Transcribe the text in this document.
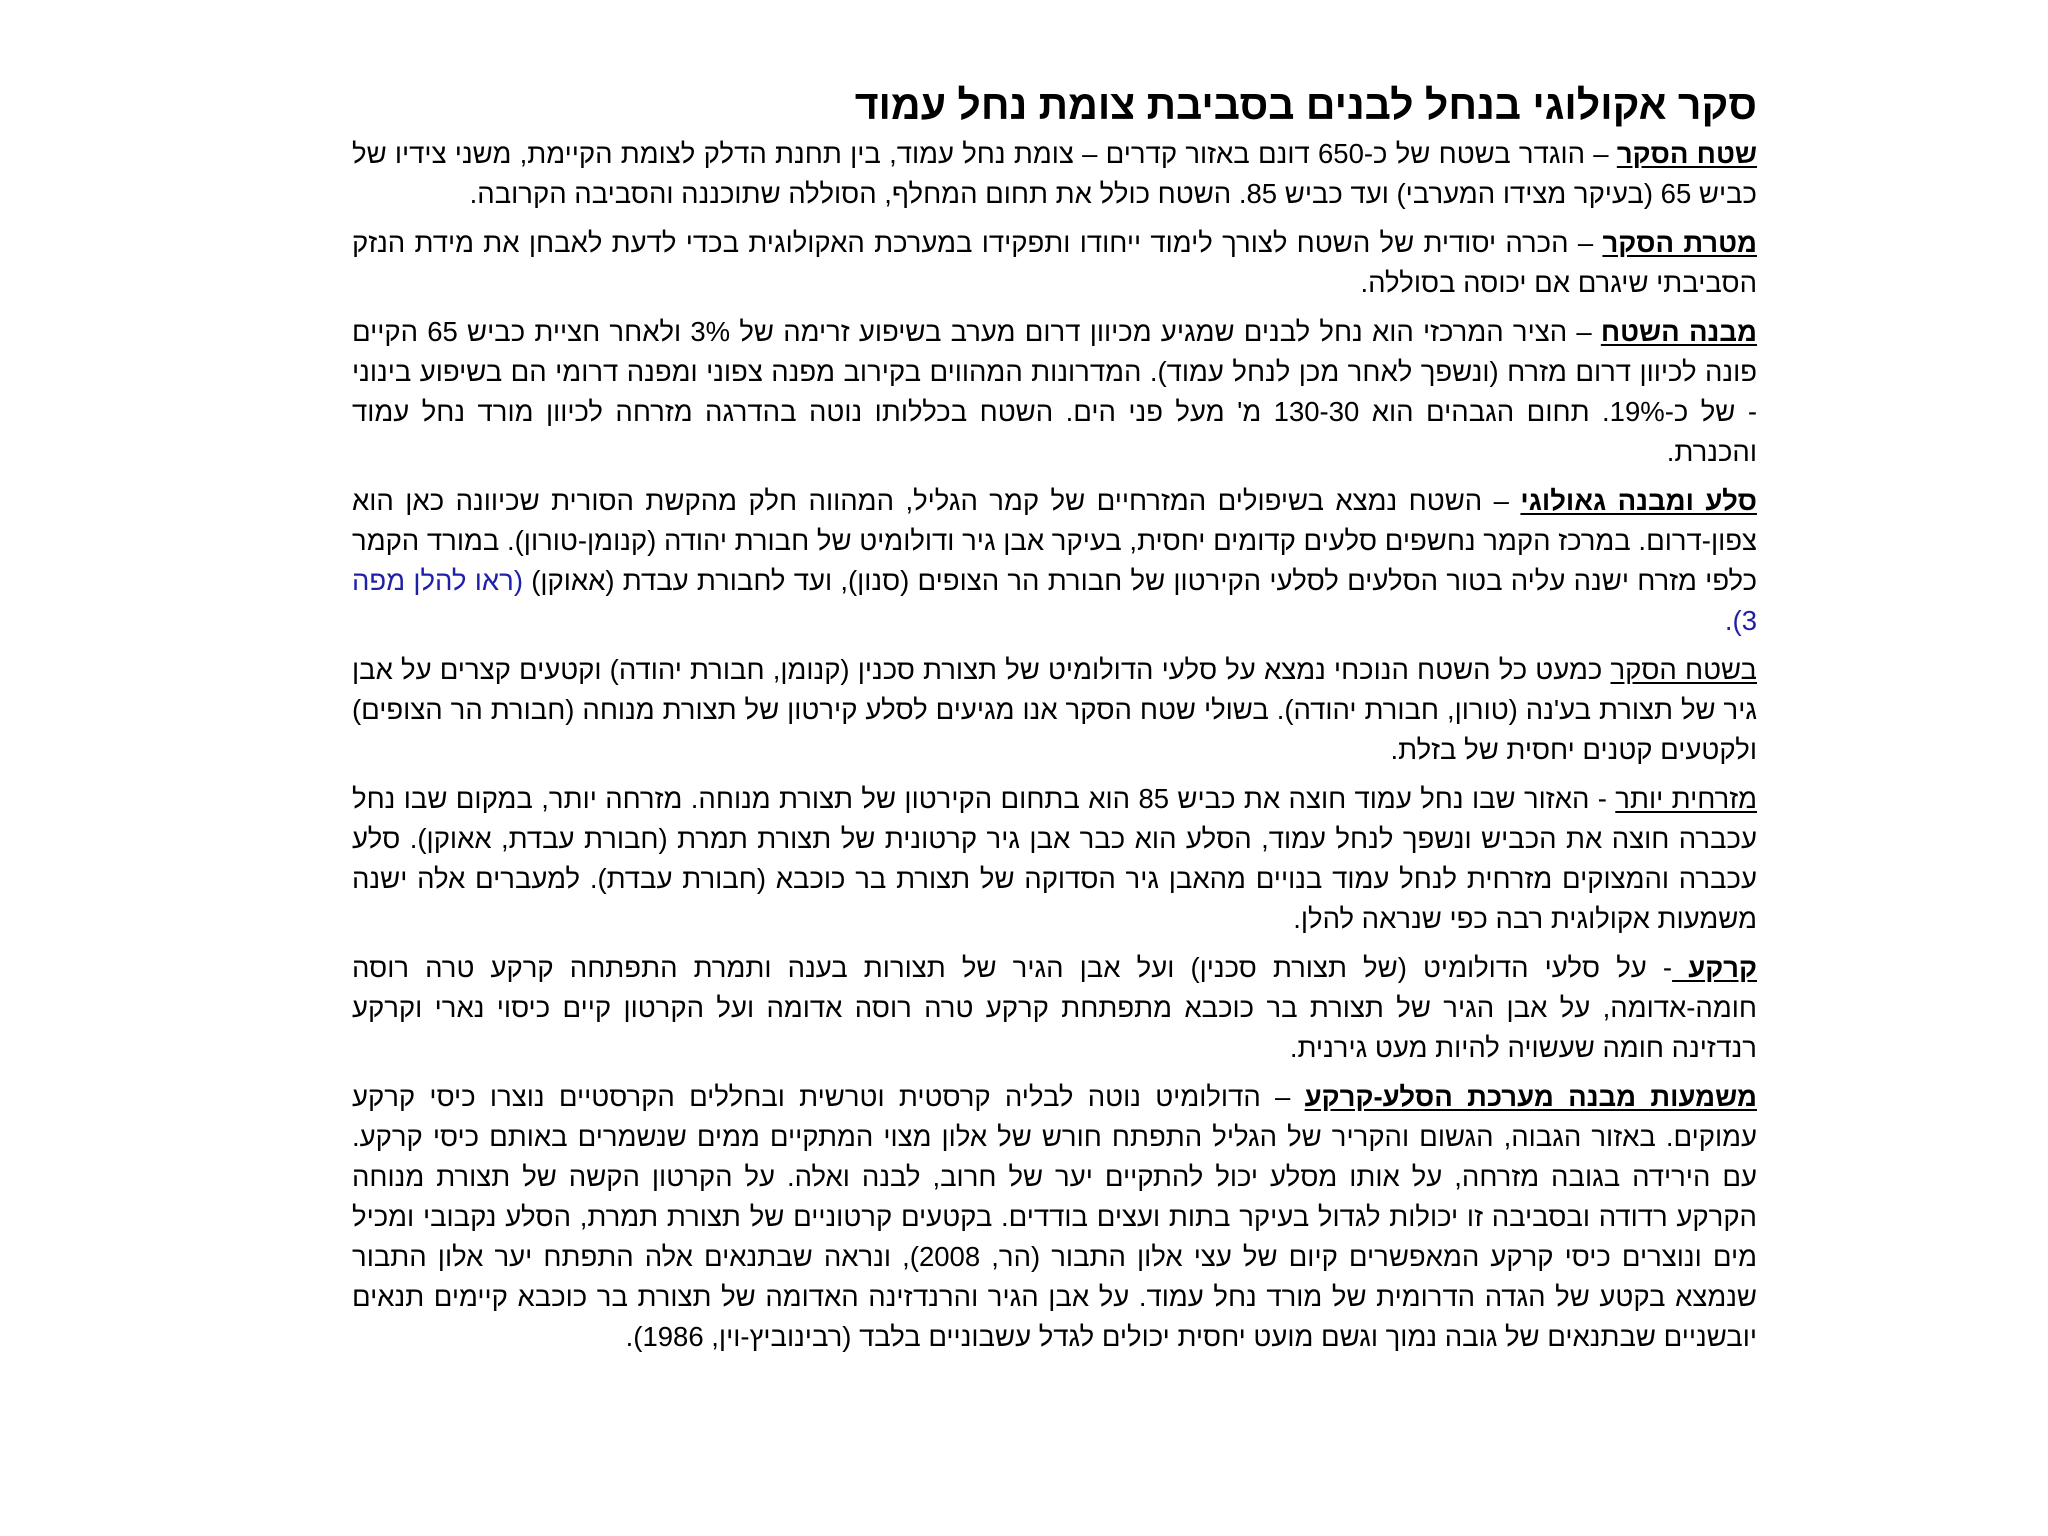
סקר אקולוגי בנחל לבנים בסביבת צומת נחל עמוד

שטח הסקר – הוגדר בשטח של כ-650 דונם באזור קדרים – צומת נחל עמוד, בין תחנת הדלק לצומת הקיימת, משני צידיו של כביש 65 (בעיקר מצידו המערבי) ועד כביש 85. השטח כולל את תחום המחלף, הסוללה שתוכננה והסביבה הקרובה.

מטרת הסקר – הכרה יסודית של השטח לצורך לימוד ייחודו ותפקידו במערכת האקולוגית בכדי לדעת לאבחן את מידת הנזק הסביבתי שיגרם אם יכוסה בסוללה.

מבנה השטח – הציר המרכזי הוא נחל לבנים שמגיע מכיוון דרום מערב בשיפוע זרימה של 3% ולאחר חציית כביש 65 הקיים פונה לכיוון דרום מזרח (ונשפך לאחר מכן לנחל עמוד). המדרונות המהווים בקירוב מפנה צפוני ומפנה דרומי הם בשיפוע בינוני - של כ-19%. תחום הגבהים הוא 130-30 מ' מעל פני הים. השטח בכללותו נוטה בהדרגה מזרחה לכיוון מורד נחל עמוד והכנרת.

סלע ומבנה גאולוגי – השטח נמצא בשיפולים המזרחיים של קמר הגליל, המהווה חלק מהקשת הסורית שכיוונה כאן הוא צפון-דרום. במרכז הקמר נחשפים סלעים קדומים יחסית, בעיקר אבן גיר ודולומיט של חבורת יהודה (קנומן-טורון). במורד הקמר כלפי מזרח ישנה עליה בטור הסלעים לסלעי הקירטון של חבורת הר הצופים (סנון), ועד לחבורת עבדת (אאוקן) (ראו להלן מפה 3).

בשטח הסקר כמעט כל השטח הנוכחי נמצא על סלעי הדולומיט של תצורת סכנין (קנומן, חבורת יהודה) וקטעים קצרים על אבן גיר של תצורת בע'נה (טורון, חבורת יהודה). בשולי שטח הסקר אנו מגיעים לסלע קירטון של תצורת מנוחה (חבורת הר הצופים) ולקטעים קטנים יחסית של בזלת.

מזרחית יותר - האזור שבו נחל עמוד חוצה את כביש 85 הוא בתחום הקירטון של תצורת מנוחה. מזרחה יותר, במקום שבו נחל עכברה חוצה את הכביש ונשפך לנחל עמוד, הסלע הוא כבר אבן גיר קרטונית של תצורת תמרת (חבורת עבדת, אאוקן). סלע עכברה והמצוקים מזרחית לנחל עמוד בנויים מהאבן גיר הסדוקה של תצורת בר כוכבא (חבורת עבדת). למעברים אלה ישנה משמעות אקולוגית רבה כפי שנראה להלן.

קרקע - על סלעי הדולומיט (של תצורת סכנין) ועל אבן הגיר של תצורות בענה ותמרת התפתחה קרקע טרה רוסה חומה-אדומה, על אבן הגיר של תצורת בר כוכבא מתפתחת קרקע טרה רוסה אדומה ועל הקרטון קיים כיסוי נארי וקרקע רנדזינה חומה שעשויה להיות מעט גירנית.

משמעות מבנה מערכת הסלע-קרקע – הדולומיט נוטה לבליה קרסטית וטרשית ובחללים הקרסטיים נוצרו כיסי קרקע עמוקים. באזור הגבוה, הגשום והקריר של הגליל התפתח חורש של אלון מצוי המתקיים ממים שנשמרים באותם כיסי קרקע. עם הירידה בגובה מזרחה, על אותו מסלע יכול להתקיים יער של חרוב, לבנה ואלה. על הקרטון הקשה של תצורת מנוחה הקרקע רדודה ובסביבה זו יכולות לגדול בעיקר בתות ועצים בודדים. בקטעים קרטוניים של תצורת תמרת, הסלע נקבובי ומכיל מים ונוצרים כיסי קרקע המאפשרים קיום של עצי אלון התבור (הר, 2008), ונראה שבתנאים אלה התפתח יער אלון התבור שנמצא בקטע של הגדה הדרומית של מורד נחל עמוד. על אבן הגיר והרנדזינה האדומה של תצורת בר כוכבא קיימים תנאים יובשניים שבתנאים של גובה נמוך וגשם מועט יחסית יכולים לגדל עשבוניים בלבד (רבינוביץ-וין, 1986).
